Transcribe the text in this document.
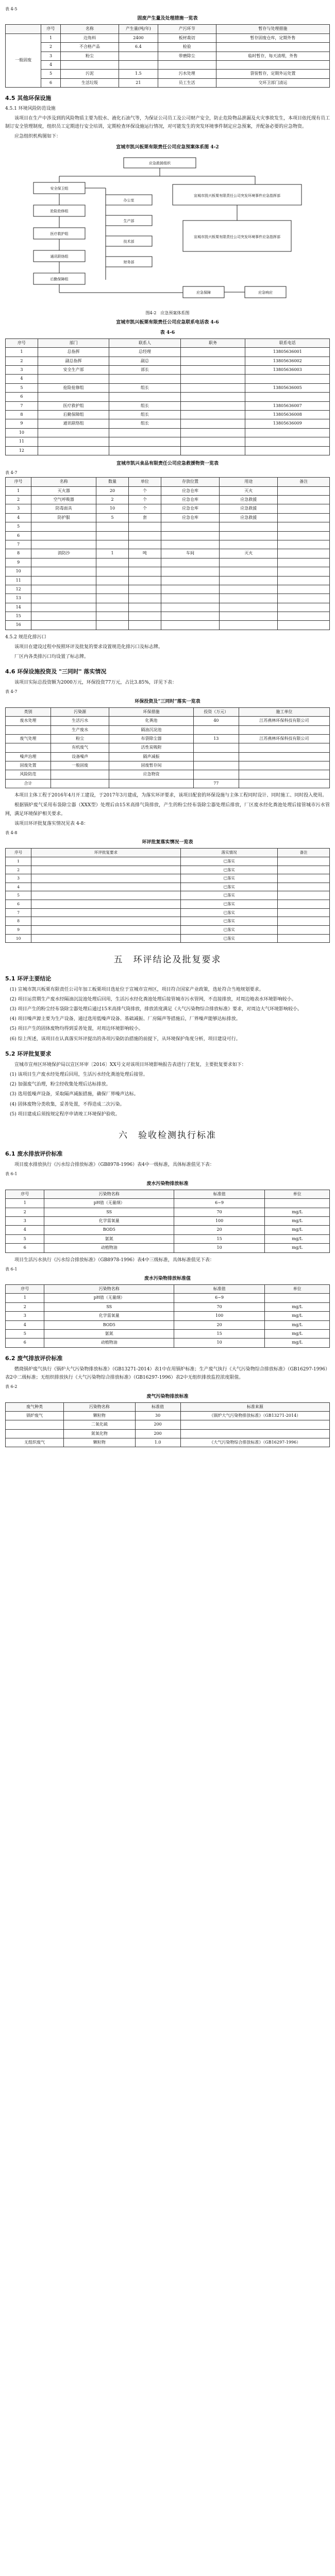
表 4-5
固废产生量及处理措施一览表
	序号	名称	产生量(吨/年)	产污环节	暂存与处理措施
一般固废	1	边角料	2400	板材裁切	暂存固废仓库，定期外售
	2	不合格产品	6.4	检验	
	3	粉尘		带磨除尘	临时暂存，每天清理，外售
	4				
	5	污泥	1.5	污水处理	袋装暂存，定期外运处置
	6	生活垃圾	21	员工生活	交环卫部门清运
4.5 其他环保设施
4.5.1 环境风险防范设施

该项目在生产中涉及到的风险物质主要为胶水、液化石油气等，为保证公司员工及公司财产安全，防止危险物品泄漏及火灾事故发生，本项目依托现有员工制订安全管理制度，组织员工定期进行安全培训，定期检查环保设施运行情况，对可能发生的突发环境事件制定应急预案，并配备必要的应急物资。

应急组织机构图如下：

宣城市凯兴板栗有限责任公司应急预案体系图 4-2
应急救援组织
安全保卫组
抢险抢修组
医疗救护组
通讯联络组
后勤保障组
办公室
生产部
技术部
财务部
宣城市凯兴板栗有限责任公司突发环境事件应急指挥部
宣城市凯兴板栗有限责任公司突发环境事件应急指挥部
应急保障	应急响应
图4-2　应急预案体系图
宣城市凯兴板栗有限责任公司应急联系电话表 4-6
表 4-6
序号	部门	联系人	职务	联系电话
1	总指挥	总经理		13805636001
2	副总指挥	副总		13805636002
3	安全生产部	部长		13805636003
4				
5	抢险抢修组	组长		13805636005
6				
7	医疗救护组	组长		13805636007
8	后勤保障组	组长		13805636008
9	通讯联络组	组长		13805636009
10				
11				
12				
宣城市凯兴食品有限责任公司应急救援物资一览表
表 4-7
序号	名称	数量	单位	存放位置	用途	备注
1	灭火器	20	个	应急仓库	灭火	
2	空气呼吸器	2	个	应急仓库	应急救援	
3	防毒面具	10	个	应急仓库	应急救援	
4	防护服	5	套	应急仓库	应急救援	
5						
6						
7						
8	消防沙	1	吨	车间	灭火	
9						
10						
11						
12						
13						
14						
15						
16						
4.5.2 规范化排污口

该项目在建设过程中按照环评及批复的要求设置规范化排污口及标志牌。

厂区内各类排污口均设置了标志牌。

4.6 环保设施投资及 "三同时" 落实情况

该项目实际总投资额为2000万元，环保投资77万元，占比3.85%，详见下表：

表 4-7
环保投资及“三同时”落实一览表
类别	污染源	环保措施	投资（万元）	施工单位
废水处理	生活污水	化粪池	40	江苏燕林环保科技有限公司
	生产废水	隔油沉淀池		
废气处理	粉尘	布袋除尘器	13	江苏燕林环保科技有限公司
	有机废气	活性炭吸附		
噪声治理	设备噪声	隔声减振		
固废处置	一般固废	固废暂存间		
风险防范		应急物资		
合计			77	

本项目主体工程于2016年4月开工建设，于2017年3月建成，为落实环评要求，该项目配套的环保设施与主体工程同时设计、同时施工、同时投入使用。

根据锅炉废气采用布袋除尘器（XXX型）处理后由15米高排气筒排放，产生的粉尘经布袋除尘器处理后排放，厂区废水经化粪池处理后接管城市污水管网，满足环境保护相关要求。

该项目环评批复落实情况见表 4-8：

表 4-8
环评批复落实情况一览表
序号	环评批复要求	落实情况	备注
1		已落实	
2		已落实	
3		已落实	
4		已落实	
5		已落实	
6		已落实	
7		已落实	
8		已落实	
9		已落实	
10		已落实	
五　环评结论及批复要求
5.1 环评主要结论
(1) 宣城市凯兴板栗有限责任公司年加工板栗项目选址位于宣城市宣州区，项目符合国家产业政策，选址符合当地规划要求。
(2) 项目运营期生产废水经隔油沉淀池处理后回用，生活污水经化粪池处理后接管城市污水管网，不直接排放，对周边地表水环境影响较小。
(3) 项目产生的粉尘经布袋除尘器处理后通过15米高排气筒排放，排放浓度满足《大气污染物综合排放标准》要求，对周边大气环境影响较小。
(4) 项目噪声源主要为生产设备，通过选用低噪声设备、基础减振、厂房隔声等措施后，厂界噪声能够达标排放。
(5) 项目产生的固体废物均得到妥善处置，对周边环境影响较小。
(6) 综上所述，该项目在认真落实环评提出的各项污染防治措施的前提下，从环境保护角度分析，项目建设可行。
5.2 环评批复要求

宣城市宣州区环境保护局以宣区环审〔2016〕XX号文对该项目环境影响报告表进行了批复，主要批复要求如下：

(1) 该项目生产废水经处理后回用，生活污水经化粪池处理后接管。
(2) 加强废气治理，粉尘经收集处理后达标排放。
(3) 选用低噪声设备，采取隔声减振措施，确保厂界噪声达标。
(4) 固体废物分类收集，妥善处置，不得造成二次污染。
(5) 项目建成后须按规定程序申请竣工环境保护验收。
六　验收检测执行标准
6.1 废水排放评价标准

项目废水排放执行《污水综合排放标准》（GB8978-1996）表4中一级标准，具体标准值见下表：

表 6-1
废水污染物排放标准
序号	污染物名称	标准值	单位
1	pH值（无量纲）	6~9	
2	SS	70	mg/L
3	化学需氧量	100	mg/L
4	BOD5	20	mg/L
5	氨氮	15	mg/L
6	动植物油	10	mg/L

项目生活污水执行《污水综合排放标准》（GB8978-1996）表4中三级标准，具体标准值见下表：

表 6-1
废水污染物排放标准值
序号	污染物名称	标准值	单位
1	pH值（无量纲）	6~9	
2	SS	70	mg/L
3	化学需氧量	100	mg/L
4	BOD5	20	mg/L
5	氨氮	15	mg/L
6	动植物油	10	mg/L
6.2 废气排放评价标准

燃烧锅炉废气执行《锅炉大气污染物排放标准》（GB13271-2014）表1中在用锅炉标准；生产废气执行《大气污染物综合排放标准》（GB16297-1996）表2中二级标准；无组织排放执行《大气污染物综合排放标准》（GB16297-1996）表2中无组织排放监控浓度限值。

表 6-2
废气污染物排放标准
废气种类	污染物名称	标准值	标准来源
锅炉废气	颗粒物	30	《锅炉大气污染物排放标准》（GB13271-2014）
	二氧化硫	200	
	氮氧化物	200	
无组织废气	颗粒物	1.0	《大气污染物综合排放标准》（GB16297-1996）
